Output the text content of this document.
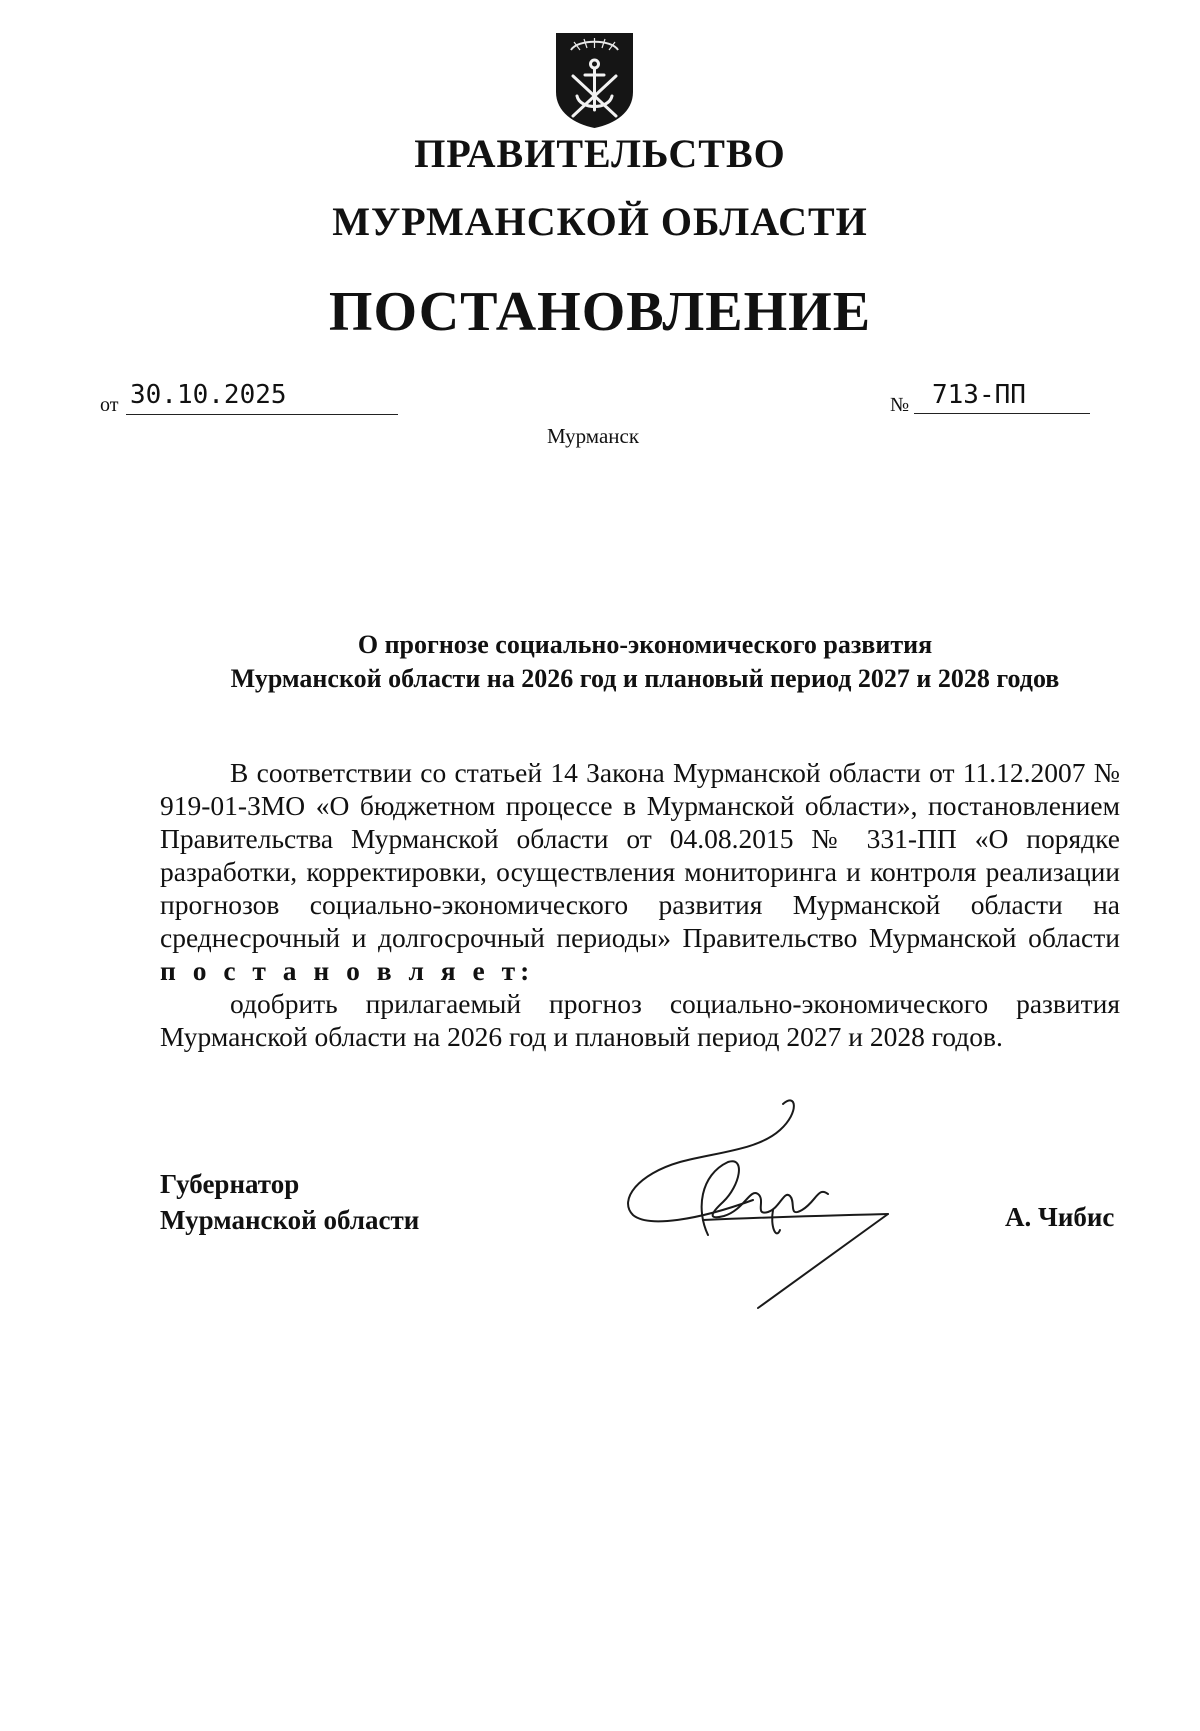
ПРАВИТЕЛЬСТВО
МУРМАНСКОЙ ОБЛАСТИ
ПОСТАНОВЛЕНИЕ
от 30.10.2025	№ 713-ПП
Мурманск
О прогнозе социально-экономического развития
Мурманской области на 2026 год и плановый период 2027 и 2028 годов

В соответствии со статьей 14 Закона Мурманской области от 11.12.2007 № 919-01-ЗМО «О бюджетном процессе в Мурманской области», постановлением Правительства Мурманской области от 04.08.2015 № 331-ПП «О порядке разработки, корректировки, осуществления мониторинга и контроля реализации прогнозов социально-экономического развития Мурманской области на среднесрочный и долгосрочный периоды» Правительство Мурманской области п о с т а н о в л я е т:

одобрить прилагаемый прогноз социально-экономического развития Мурманской области на 2026 год и плановый период 2027 и 2028 годов.

Губернатор
Мурманской области	А. Чибис
